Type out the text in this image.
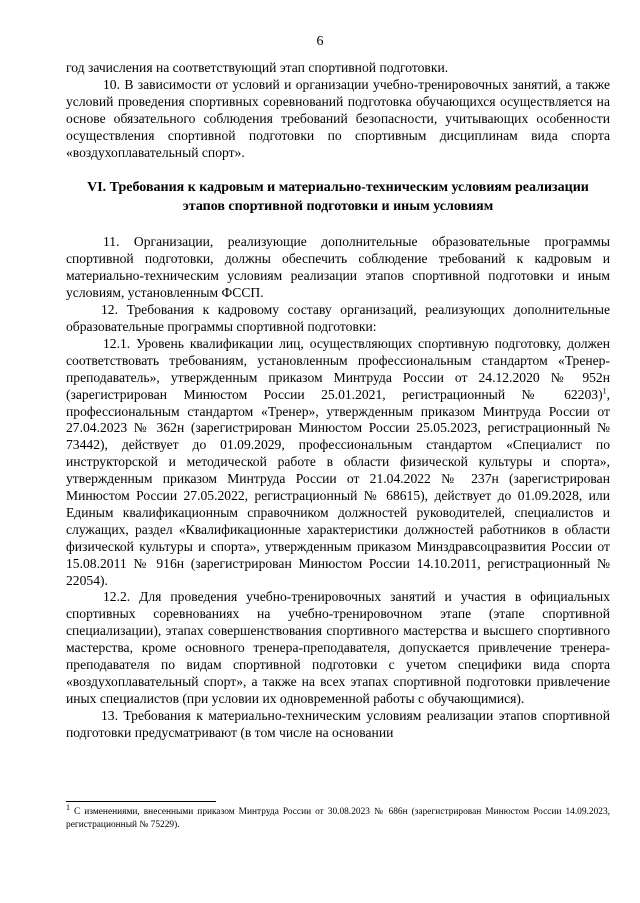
6

год зачисления на соответствующий этап спортивной подготовки.

10. В зависимости от условий и организации учебно-тренировочных занятий, а также условий проведения спортивных соревнований подготовка обучающихся осуществляется на основе обязательного соблюдения требований безопасности, учитывающих особенности осуществления спортивной подготовки по спортивным дисциплинам вида спорта «воздухоплавательный спорт».

VI. Требования к кадровым и материально-техническим условиям реализации
этапов спортивной подготовки и иным условиям

11. Организации, реализующие дополнительные образовательные программы спортивной подготовки, должны обеспечить соблюдение требований к кадровым и материально-техническим условиям реализации этапов спортивной подготовки и иным условиям, установленным ФССП.

12. Требования к кадровому составу организаций, реализующих дополнительные образовательные программы спортивной подготовки:

12.1. Уровень квалификации лиц, осуществляющих спортивную подготовку, должен соответствовать требованиям, установленным профессиональным стандартом «Тренер-преподаватель», утвержденным приказом Минтруда России от 24.12.2020 № 952н (зарегистрирован Минюстом России 25.01.2021, регистрационный № 62203)$^1$, профессиональным стандартом «Тренер», утвержденным приказом Минтруда России от 27.04.2023 № 362н (зарегистрирован Минюстом России 25.05.2023, регистрационный № 73442), действует до 01.09.2029, профессиональным стандартом «Специалист по инструкторской и методической работе в области физической культуры и спорта», утвержденным приказом Минтруда России от 21.04.2022 № 237н (зарегистрирован Минюстом России 27.05.2022, регистрационный № 68615), действует до 01.09.2028, или Единым квалификационным справочником должностей руководителей, специалистов и служащих, раздел «Квалификационные характеристики должностей работников в области физической культуры и спорта», утвержденным приказом Минздравсоцразвития России от 15.08.2011 № 916н (зарегистрирован Минюстом России 14.10.2011, регистрационный № 22054).

12.2. Для проведения учебно-тренировочных занятий и участия в официальных спортивных соревнованиях на учебно-тренировочном этапе (этапе спортивной специализации), этапах совершенствования спортивного мастерства и высшего спортивного мастерства, кроме основного тренера-преподавателя, допускается привлечение тренера-преподавателя по видам спортивной подготовки с учетом специфики вида спорта «воздухоплавательный спорт», а также на всех этапах спортивной подготовки привлечение иных специалистов (при условии их одновременной работы с обучающимися).

13. Требования к материально-техническим условиям реализации этапов спортивной подготовки предусматривают (в том числе на основании

1 С изменениями, внесенными приказом Минтруда России от 30.08.2023 № 686н (зарегистрирован Минюстом России 14.09.2023, регистрационный № 75229).
